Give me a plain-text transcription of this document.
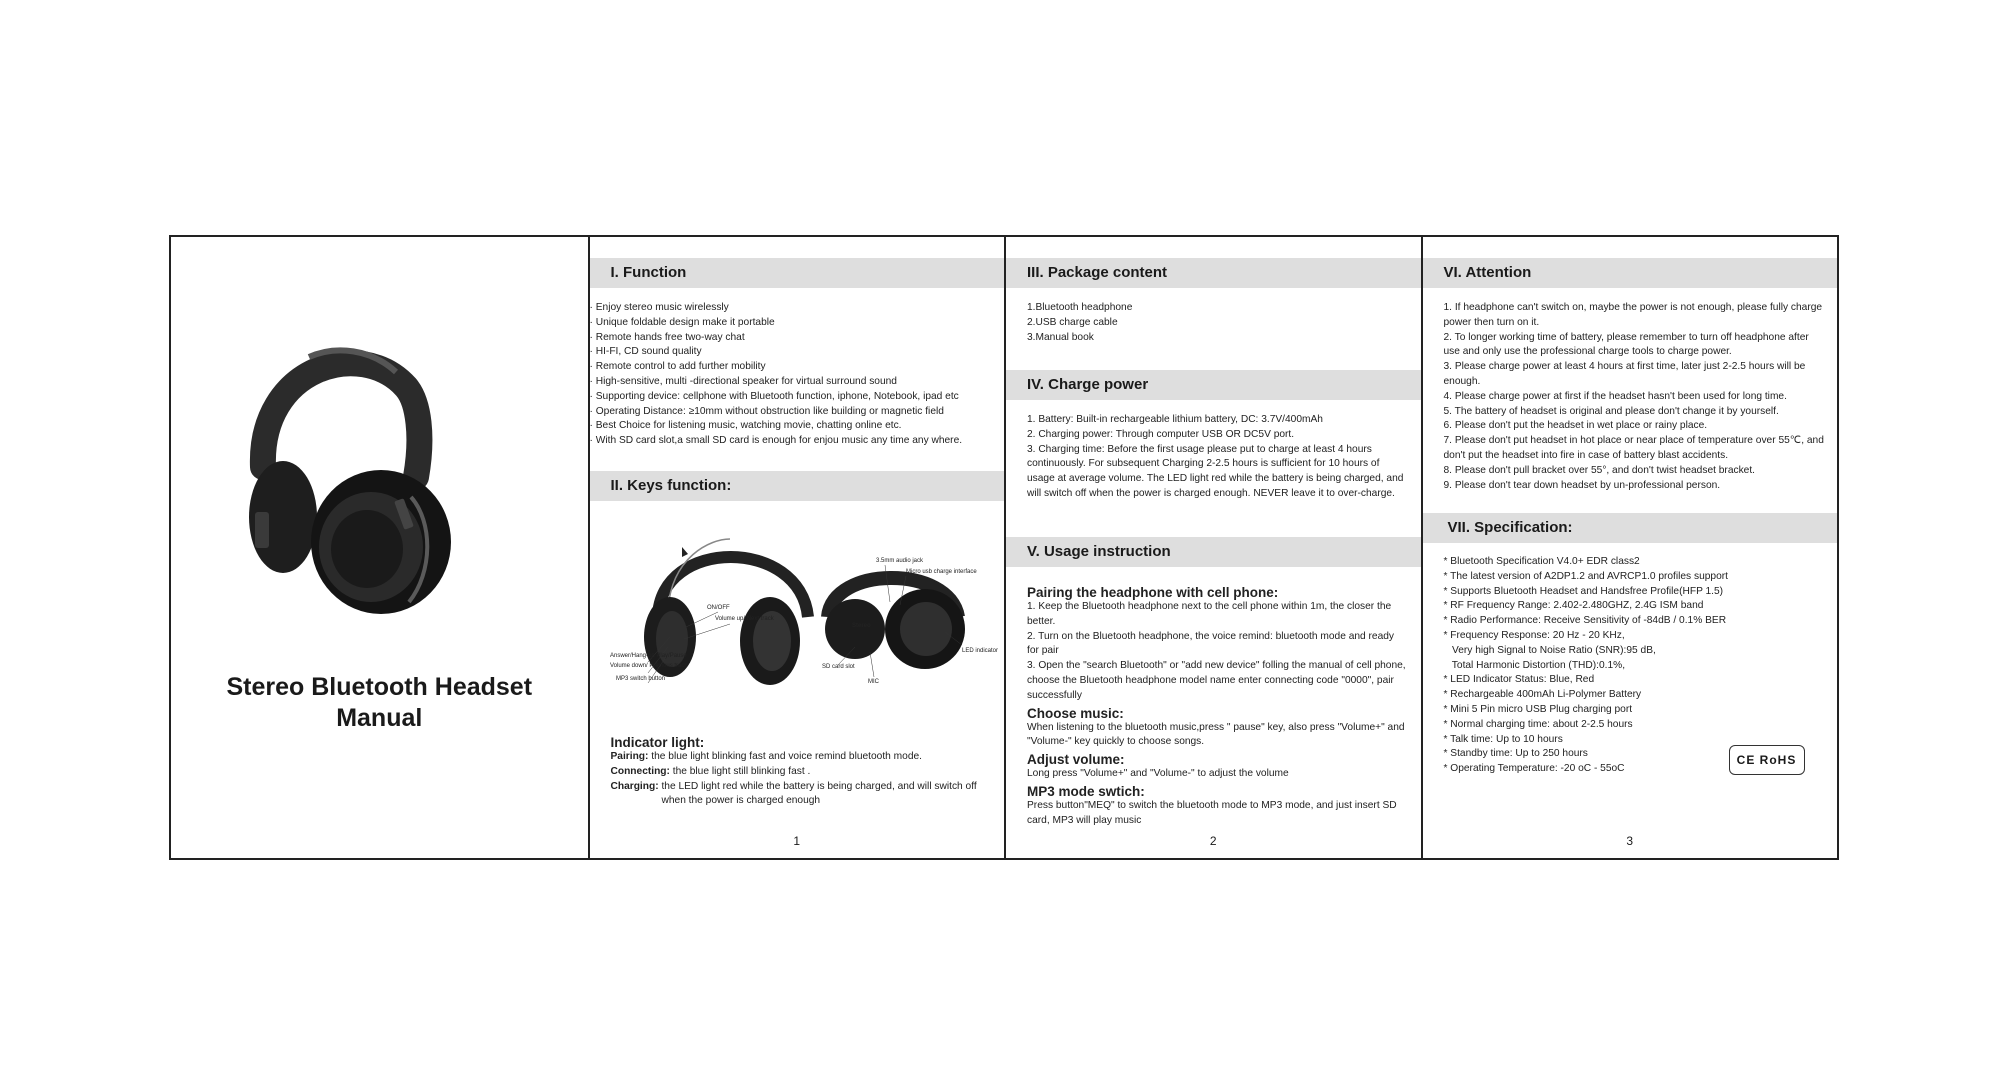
Stereo Bluetooth Headset
Manual
I. Function
· Enjoy stereo music wirelessly
· Unique foldable design make it portable
· Remote hands free two-way chat
· HI-FI, CD sound quality
· Remote control to add further mobility
· High-sensitive, multi -directional speaker for virtual surround sound
· Supporting device: cellphone with Bluetooth function, iphone, Notebook, ipad etc
· Operating Distance: ≥10mm without obstruction like building or magnetic field
· Best Choice for listening music, watching movie, chatting online etc.
· With SD card slot,a small SD card is enough for enjou music any time any where.
II. Keys function:
Stereo
Answer/Hang-up Play/Pause
Volume down/ Previous track
MP3 switch button
ON/OFF
Volume up/ Next track
3.5mm audio jack
Micro usb charge interface
LED indicator
SD card slot
MIC
Indicator light:
Pairing: the blue light blinking fast and voice remind bluetooth mode.
Connecting: the blue light still blinking fast .
Charging: the LED light red while the battery is being charged, and will switch off
when the power is charged enough
1
III. Package content
1.Bluetooth headphone
2.USB charge cable
3.Manual book
IV. Charge power
1. Battery: Built-in rechargeable lithium battery, DC: 3.7V/400mAh
2. Charging power: Through computer USB OR DC5V port.
3. Charging time: Before the first usage please put to charge at least 4 hours continuously. For subsequent Charging 2-2.5 hours is sufficient for 10 hours of usage at average volume. The LED light red while the battery is being charged, and will switch off when the power is charged enough. NEVER leave it to over-charge.
V. Usage instruction
Pairing the headphone with cell phone:
1. Keep the Bluetooth headphone next to the cell phone within 1m, the closer the better.
2. Turn on the Bluetooth headphone, the voice remind: bluetooth mode and ready for pair
3. Open the "search Bluetooth" or "add new device" folling the manual of cell phone, choose the Bluetooth headphone model name enter connecting code "0000", pair successfully
Choose music:
When listening to the bluetooth music,press " pause" key, also press "Volume+" and "Volume-" key quickly to choose songs.
Adjust volume:
Long press "Volume+" and "Volume-" to adjust the volume
MP3 mode swtich:
Press button"MEQ" to switch the bluetooth mode to MP3 mode, and just insert SD card, MP3 will play music
2
VI. Attention
1. If headphone can't switch on, maybe the power is not enough, please fully charge power then turn on it.
2. To longer working time of battery, please remember to turn off headphone after use and only use the professional charge tools to charge power.
3. Please charge power at least 4 hours at first time, later just 2-2.5 hours will be enough.
4. Please charge power at first if the headset hasn't been used for long time.
5. The battery of headset is original and please don't change it by yourself.
6. Please don't put the headset in wet place or rainy place.
7. Please don't put headset in hot place or near place of temperature over 55℃, and don't put the headset into fire in case of battery blast accidents.
8. Please don't pull bracket over 55°, and don't twist headset bracket.
9. Please don't tear down headset by un-professional person.
VII. Specification:
* Bluetooth Specification V4.0+ EDR class2
* The latest version of A2DP1.2 and AVRCP1.0 profiles support
* Supports Bluetooth Headset and Handsfree Profile(HFP 1.5)
* RF Frequency Range: 2.402-2.480GHZ, 2.4G ISM band
* Radio Performance: Receive Sensitivity of -84dB / 0.1% BER
* Frequency Response: 20 Hz - 20 KHz,
Very high Signal to Noise Ratio (SNR):95 dB,
Total Harmonic Distortion (THD):0.1%,
* LED Indicator Status: Blue, Red
* Rechargeable 400mAh Li-Polymer Battery
* Mini 5 Pin micro USB Plug charging port
* Normal charging time: about 2-2.5 hours
* Talk time: Up to 10 hours
* Standby time: Up to 250 hours
* Operating Temperature: -20 oC - 55oC
CE RoHS
3
